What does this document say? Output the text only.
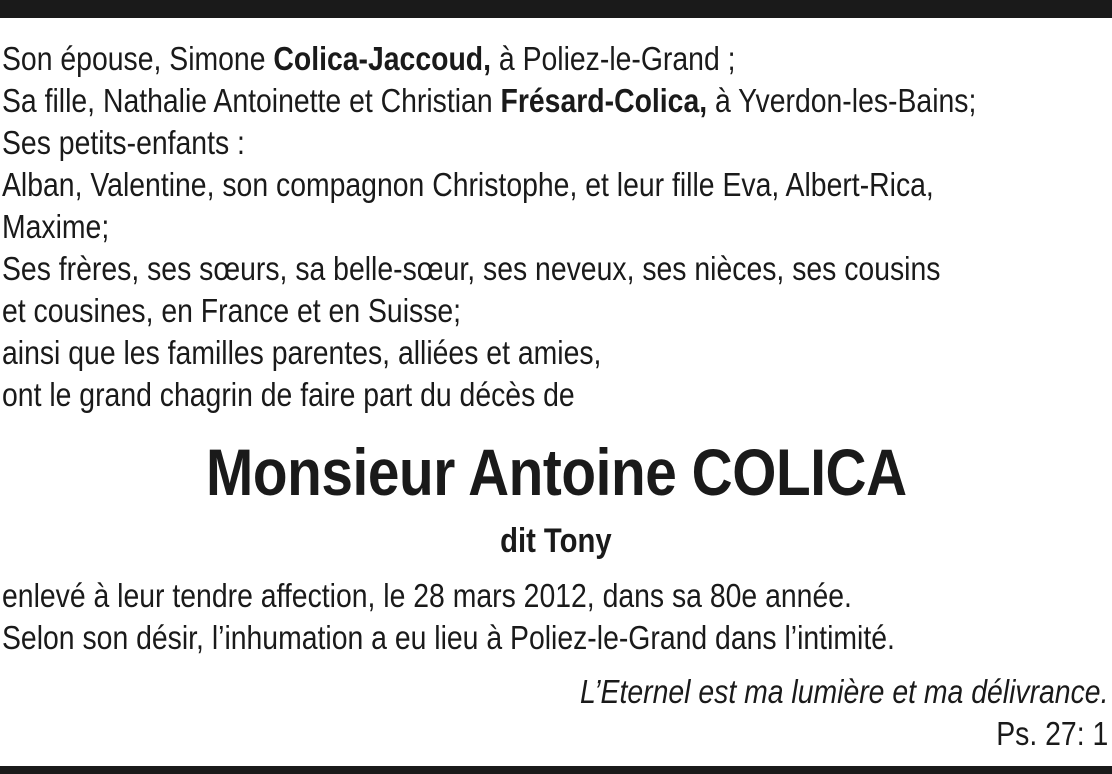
Son épouse, Simone Colica-Jaccoud, à Poliez-le-Grand ;
Sa fille, Nathalie Antoinette et Christian Frésard-Colica, à Yverdon-les-Bains;
Ses petits-enfants :
Alban, Valentine, son compagnon Christophe, et leur fille Eva, Albert-Rica,
Maxime;
Ses frères, ses sœurs, sa belle-sœur, ses neveux, ses nièces, ses cousins
et cousines, en France et en Suisse;
ainsi que les familles parentes, alliées et amies,
ont le grand chagrin de faire part du décès de
Monsieur Antoine COLICA
dit Tony
enlevé à leur tendre affection, le 28 mars 2012, dans sa 80e année.
Selon son désir, l’inhumation a eu lieu à Poliez-le-Grand dans l’intimité.
L’Eternel est ma lumière et ma délivrance.
Ps. 27: 1
